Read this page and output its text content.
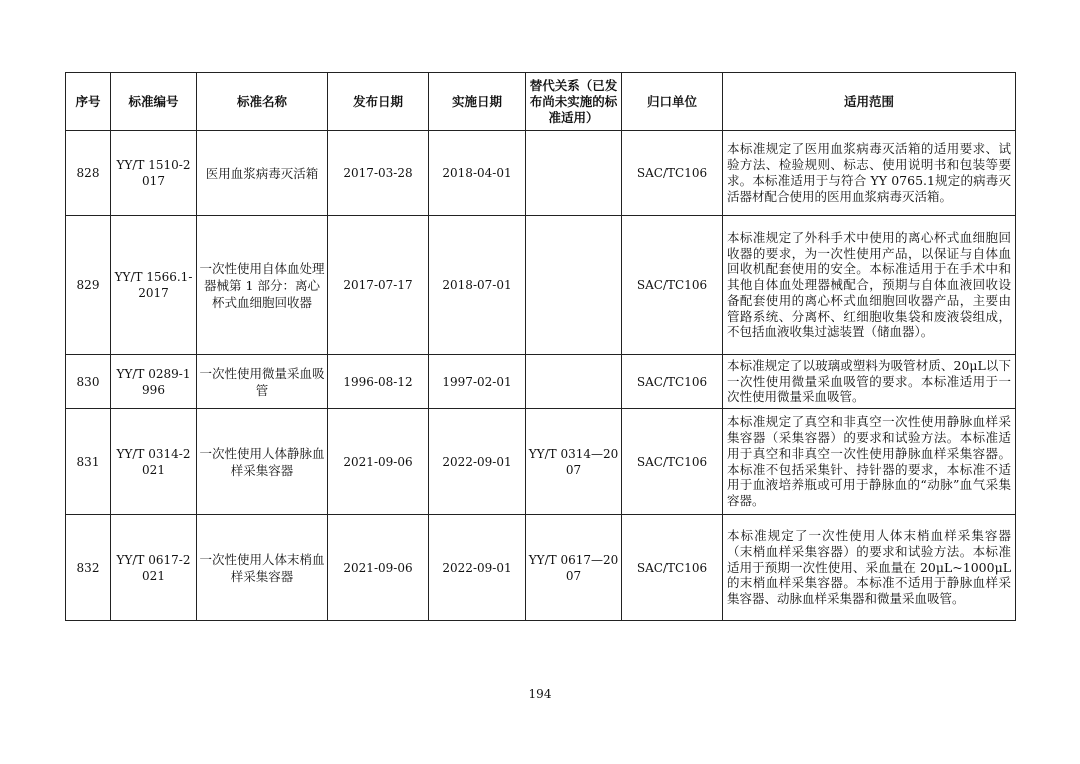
序号	标准编号	标准名称	发布日期	实施日期	替代关系（已发布尚未实施的标准适用）	归口单位	适用范围
828	YY/T 1510-2017	医用血浆病毒灭活箱	2017-03-28	2018-04-01		SAC/TC106	本标准规定了医用血浆病毒灭活箱的适用要求、试验方法、检验规则、标志、使用说明书和包装等要求。本标准适用于与符合 YY 0765.1规定的病毒灭活器材配合使用的医用血浆病毒灭活箱。
829	YY/T 1566.1-2017	一次性使用自体血处理器械第 1 部分：离心杯式血细胞回收器	2017-07-17	2018-07-01		SAC/TC106	本标准规定了外科手术中使用的离心杯式血细胞回收器的要求，为一次性使用产品，以保证与自体血回收机配套使用的安全。本标准适用于在手术中和其他自体血处理器械配合，预期与自体血液回收设备配套使用的离心杯式血细胞回收器产品，主要由管路系统、分离杯、红细胞收集袋和废液袋组成，不包括血液收集过滤装置（储血器）。
830	YY/T 0289-1996	一次性使用微量采血吸管	1996-08-12	1997-02-01		SAC/TC106	本标准规定了以玻璃或塑料为吸管材质、20μL以下一次性使用微量采血吸管的要求。本标准适用于一次性使用微量采血吸管。
831	YY/T 0314-2021	一次性使用人体静脉血样采集容器	2021-09-06	2022-09-01	YY/T 0314—2007	SAC/TC106	本标准规定了真空和非真空一次性使用静脉血样采集容器（采集容器）的要求和试验方法。本标准适用于真空和非真空一次性使用静脉血样采集容器。本标准不包括采集针、持针器的要求，本标准不适用于血液培养瓶或可用于静脉血的“动脉”血气采集容器。
832	YY/T 0617-2021	一次性使用人体末梢血样采集容器	2021-09-06	2022-09-01	YY/T 0617—2007	SAC/TC106	本标准规定了一次性使用人体末梢血样采集容器（末梢血样采集容器）的要求和试验方法。本标准适用于预期一次性使用、采血量在 20μL~1000μL 的末梢血样采集容器。本标准不适用于静脉血样采集容器、动脉血样采集器和微量采血吸管。
194
